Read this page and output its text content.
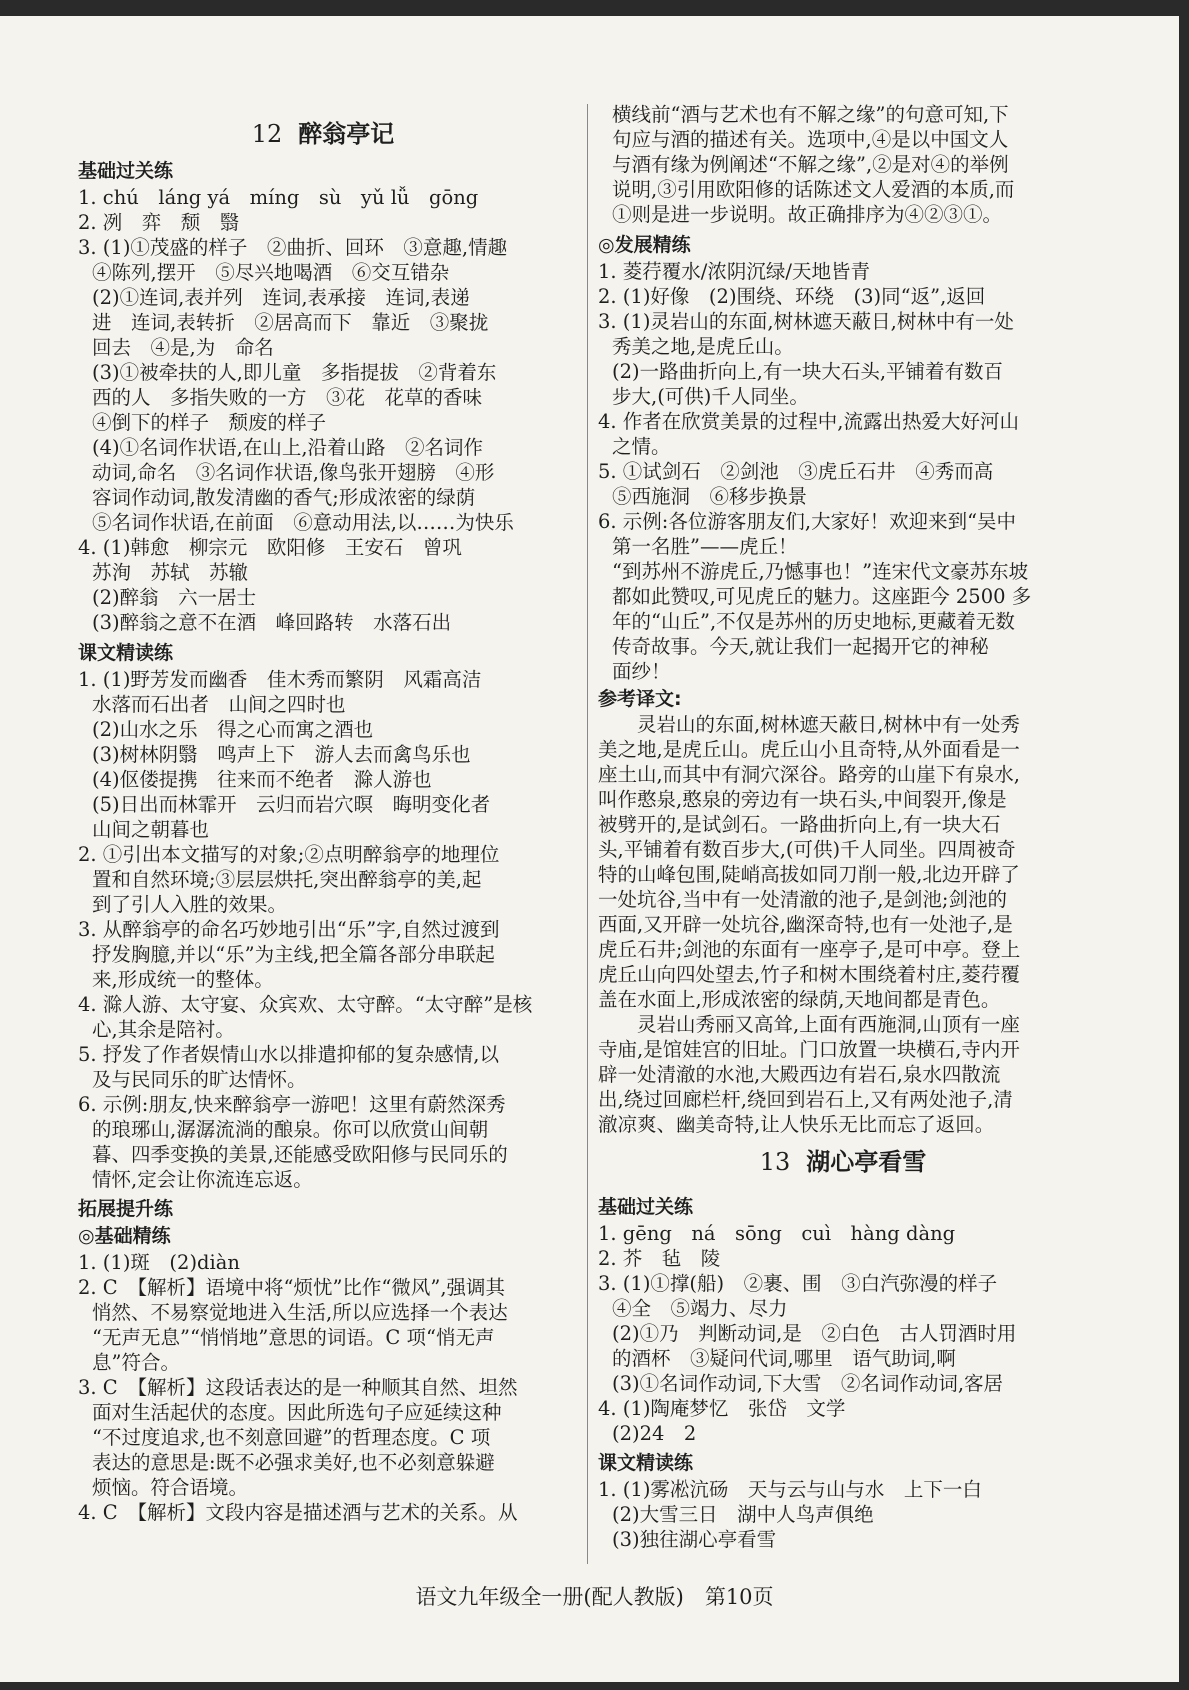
12 醉翁亭记
基础过关练
1. chú　láng yá　míng　sù　yǔ lǚ　gōng
2. 冽　弈　颓　翳
3. (1)①茂盛的样子　②曲折、回环　③意趣,情趣
④陈列,摆开　⑤尽兴地喝酒　⑥交互错杂
(2)①连词,表并列　连词,表承接　连词,表递
进　连词,表转折　②居高而下　靠近　③聚拢
回去　④是,为　命名
(3)①被牵扶的人,即儿童　多指提拔　②背着东
西的人　多指失败的一方　③花　花草的香味
④倒下的样子　颓废的样子
(4)①名词作状语,在山上,沿着山路　②名词作
动词,命名　③名词作状语,像鸟张开翅膀　④形
容词作动词,散发清幽的香气;形成浓密的绿荫
⑤名词作状语,在前面　⑥意动用法,以……为快乐
4. (1)韩愈　柳宗元　欧阳修　王安石　曾巩
苏洵　苏轼　苏辙
(2)醉翁　六一居士
(3)醉翁之意不在酒　峰回路转　水落石出
课文精读练
1. (1)野芳发而幽香　佳木秀而繁阴　风霜高洁
水落而石出者　山间之四时也
(2)山水之乐　得之心而寓之酒也
(3)树林阴翳　鸣声上下　游人去而禽鸟乐也
(4)伛偻提携　往来而不绝者　滁人游也
(5)日出而林霏开　云归而岩穴暝　晦明变化者
山间之朝暮也
2. ①引出本文描写的对象;②点明醉翁亭的地理位
置和自然环境;③层层烘托,突出醉翁亭的美,起
到了引人入胜的效果。
3. 从醉翁亭的命名巧妙地引出“乐”字,自然过渡到
抒发胸臆,并以“乐”为主线,把全篇各部分串联起
来,形成统一的整体。
4. 滁人游、太守宴、众宾欢、太守醉。“太守醉”是核
心,其余是陪衬。
5. 抒发了作者娱情山水以排遣抑郁的复杂感情,以
及与民同乐的旷达情怀。
6. 示例:朋友,快来醉翁亭一游吧！这里有蔚然深秀
的琅琊山,潺潺流淌的酿泉。你可以欣赏山间朝
暮、四季变换的美景,还能感受欧阳修与民同乐的
情怀,定会让你流连忘返。
拓展提升练
◎基础精练
1. (1)斑　(2)diàn
2. C　【解析】语境中将“烦忧”比作“微风”,强调其
悄然、不易察觉地进入生活,所以应选择一个表达
“无声无息”“悄悄地”意思的词语。C 项“悄无声
息”符合。
3. C　【解析】这段话表达的是一种顺其自然、坦然
面对生活起伏的态度。因此所选句子应延续这种
“不过度追求,也不刻意回避”的哲理态度。C 项
表达的意思是:既不必强求美好,也不必刻意躲避
烦恼。符合语境。
4. C　【解析】文段内容是描述酒与艺术的关系。从
横线前“酒与艺术也有不解之缘”的句意可知,下
句应与酒的描述有关。选项中,④是以中国文人
与酒有缘为例阐述“不解之缘”,②是对④的举例
说明,③引用欧阳修的话陈述文人爱酒的本质,而
①则是进一步说明。故正确排序为④②③①。
◎发展精练
1. 菱荇覆水/浓阴沉绿/天地皆青
2. (1)好像　(2)围绕、环绕　(3)同“返”,返回
3. (1)灵岩山的东面,树林遮天蔽日,树林中有一处
秀美之地,是虎丘山。
(2)一路曲折向上,有一块大石头,平铺着有数百
步大,(可供)千人同坐。
4. 作者在欣赏美景的过程中,流露出热爱大好河山
之情。
5. ①试剑石　②剑池　③虎丘石井　④秀而高
⑤西施洞　⑥移步换景
6. 示例:各位游客朋友们,大家好！欢迎来到“吴中
第一名胜”——虎丘！
“到苏州不游虎丘,乃憾事也！”连宋代文豪苏东坡
都如此赞叹,可见虎丘的魅力。这座距今 2500 多
年的“山丘”,不仅是苏州的历史地标,更藏着无数
传奇故事。今天,就让我们一起揭开它的神秘
面纱！
参考译文:
　　灵岩山的东面,树林遮天蔽日,树林中有一处秀
美之地,是虎丘山。虎丘山小且奇特,从外面看是一
座土山,而其中有洞穴深谷。路旁的山崖下有泉水,
叫作憨泉,憨泉的旁边有一块石头,中间裂开,像是
被劈开的,是试剑石。一路曲折向上,有一块大石
头,平铺着有数百步大,(可供)千人同坐。四周被奇
特的山峰包围,陡峭高拔如同刀削一般,北边开辟了
一处坑谷,当中有一处清澈的池子,是剑池;剑池的
西面,又开辟一处坑谷,幽深奇特,也有一处池子,是
虎丘石井;剑池的东面有一座亭子,是可中亭。登上
虎丘山向四处望去,竹子和树木围绕着村庄,菱荇覆
盖在水面上,形成浓密的绿荫,天地间都是青色。
　　灵岩山秀丽又高耸,上面有西施洞,山顶有一座
寺庙,是馆娃宫的旧址。门口放置一块横石,寺内开
辟一处清澈的水池,大殿西边有岩石,泉水四散流
出,绕过回廊栏杆,绕回到岩石上,又有两处池子,清
澈凉爽、幽美奇特,让人快乐无比而忘了返回。
13 湖心亭看雪
基础过关练
1. gēng　ná　sōng　cuì　hàng dàng
2. 芥　毡　陵
3. (1)①撑(船)　②裹、围　③白汽弥漫的样子
④全　⑤竭力、尽力
(2)①乃　判断动词,是　②白色　古人罚酒时用
的酒杯　③疑问代词,哪里　语气助词,啊
(3)①名词作动词,下大雪　②名词作动词,客居
4. (1)陶庵梦忆　张岱　文学
(2)24　2
课文精读练
1. (1)雾凇沆砀　天与云与山与水　上下一白
(2)大雪三日　湖中人鸟声俱绝
(3)独往湖心亭看雪
语文九年级全一册(配人教版)　第10页
